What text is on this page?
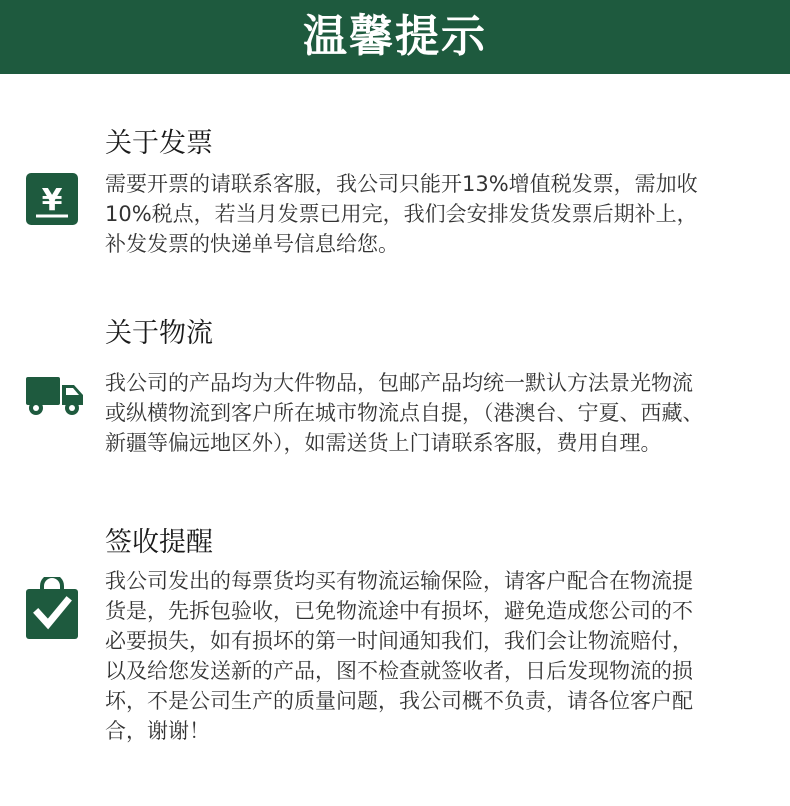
温馨提示
关于发票
¥ 需要开票的请联系客服，我公司只能开13%增值税发票，需加收
10%税点，若当月发票已用完，我们会安排发货发票后期补上，
补发发票的快递单号信息给您。
关于物流
我公司的产品均为大件物品，包邮产品均统一默认方法景光物流
或纵横物流到客户所在城市物流点自提，（港澳台、宁夏、西藏、
新疆等偏远地区外），如需送货上门请联系客服，费用自理。
签收提醒
我公司发出的每票货均买有物流运输保险，请客户配合在物流提
货是，先拆包验收，已免物流途中有损坏，避免造成您公司的不
必要损失，如有损坏的第一时间通知我们，我们会让物流赔付，
以及给您发送新的产品，图不检查就签收者，日后发现物流的损
坏，不是公司生产的质量问题，我公司概不负责，请各位客户配
合，谢谢！
